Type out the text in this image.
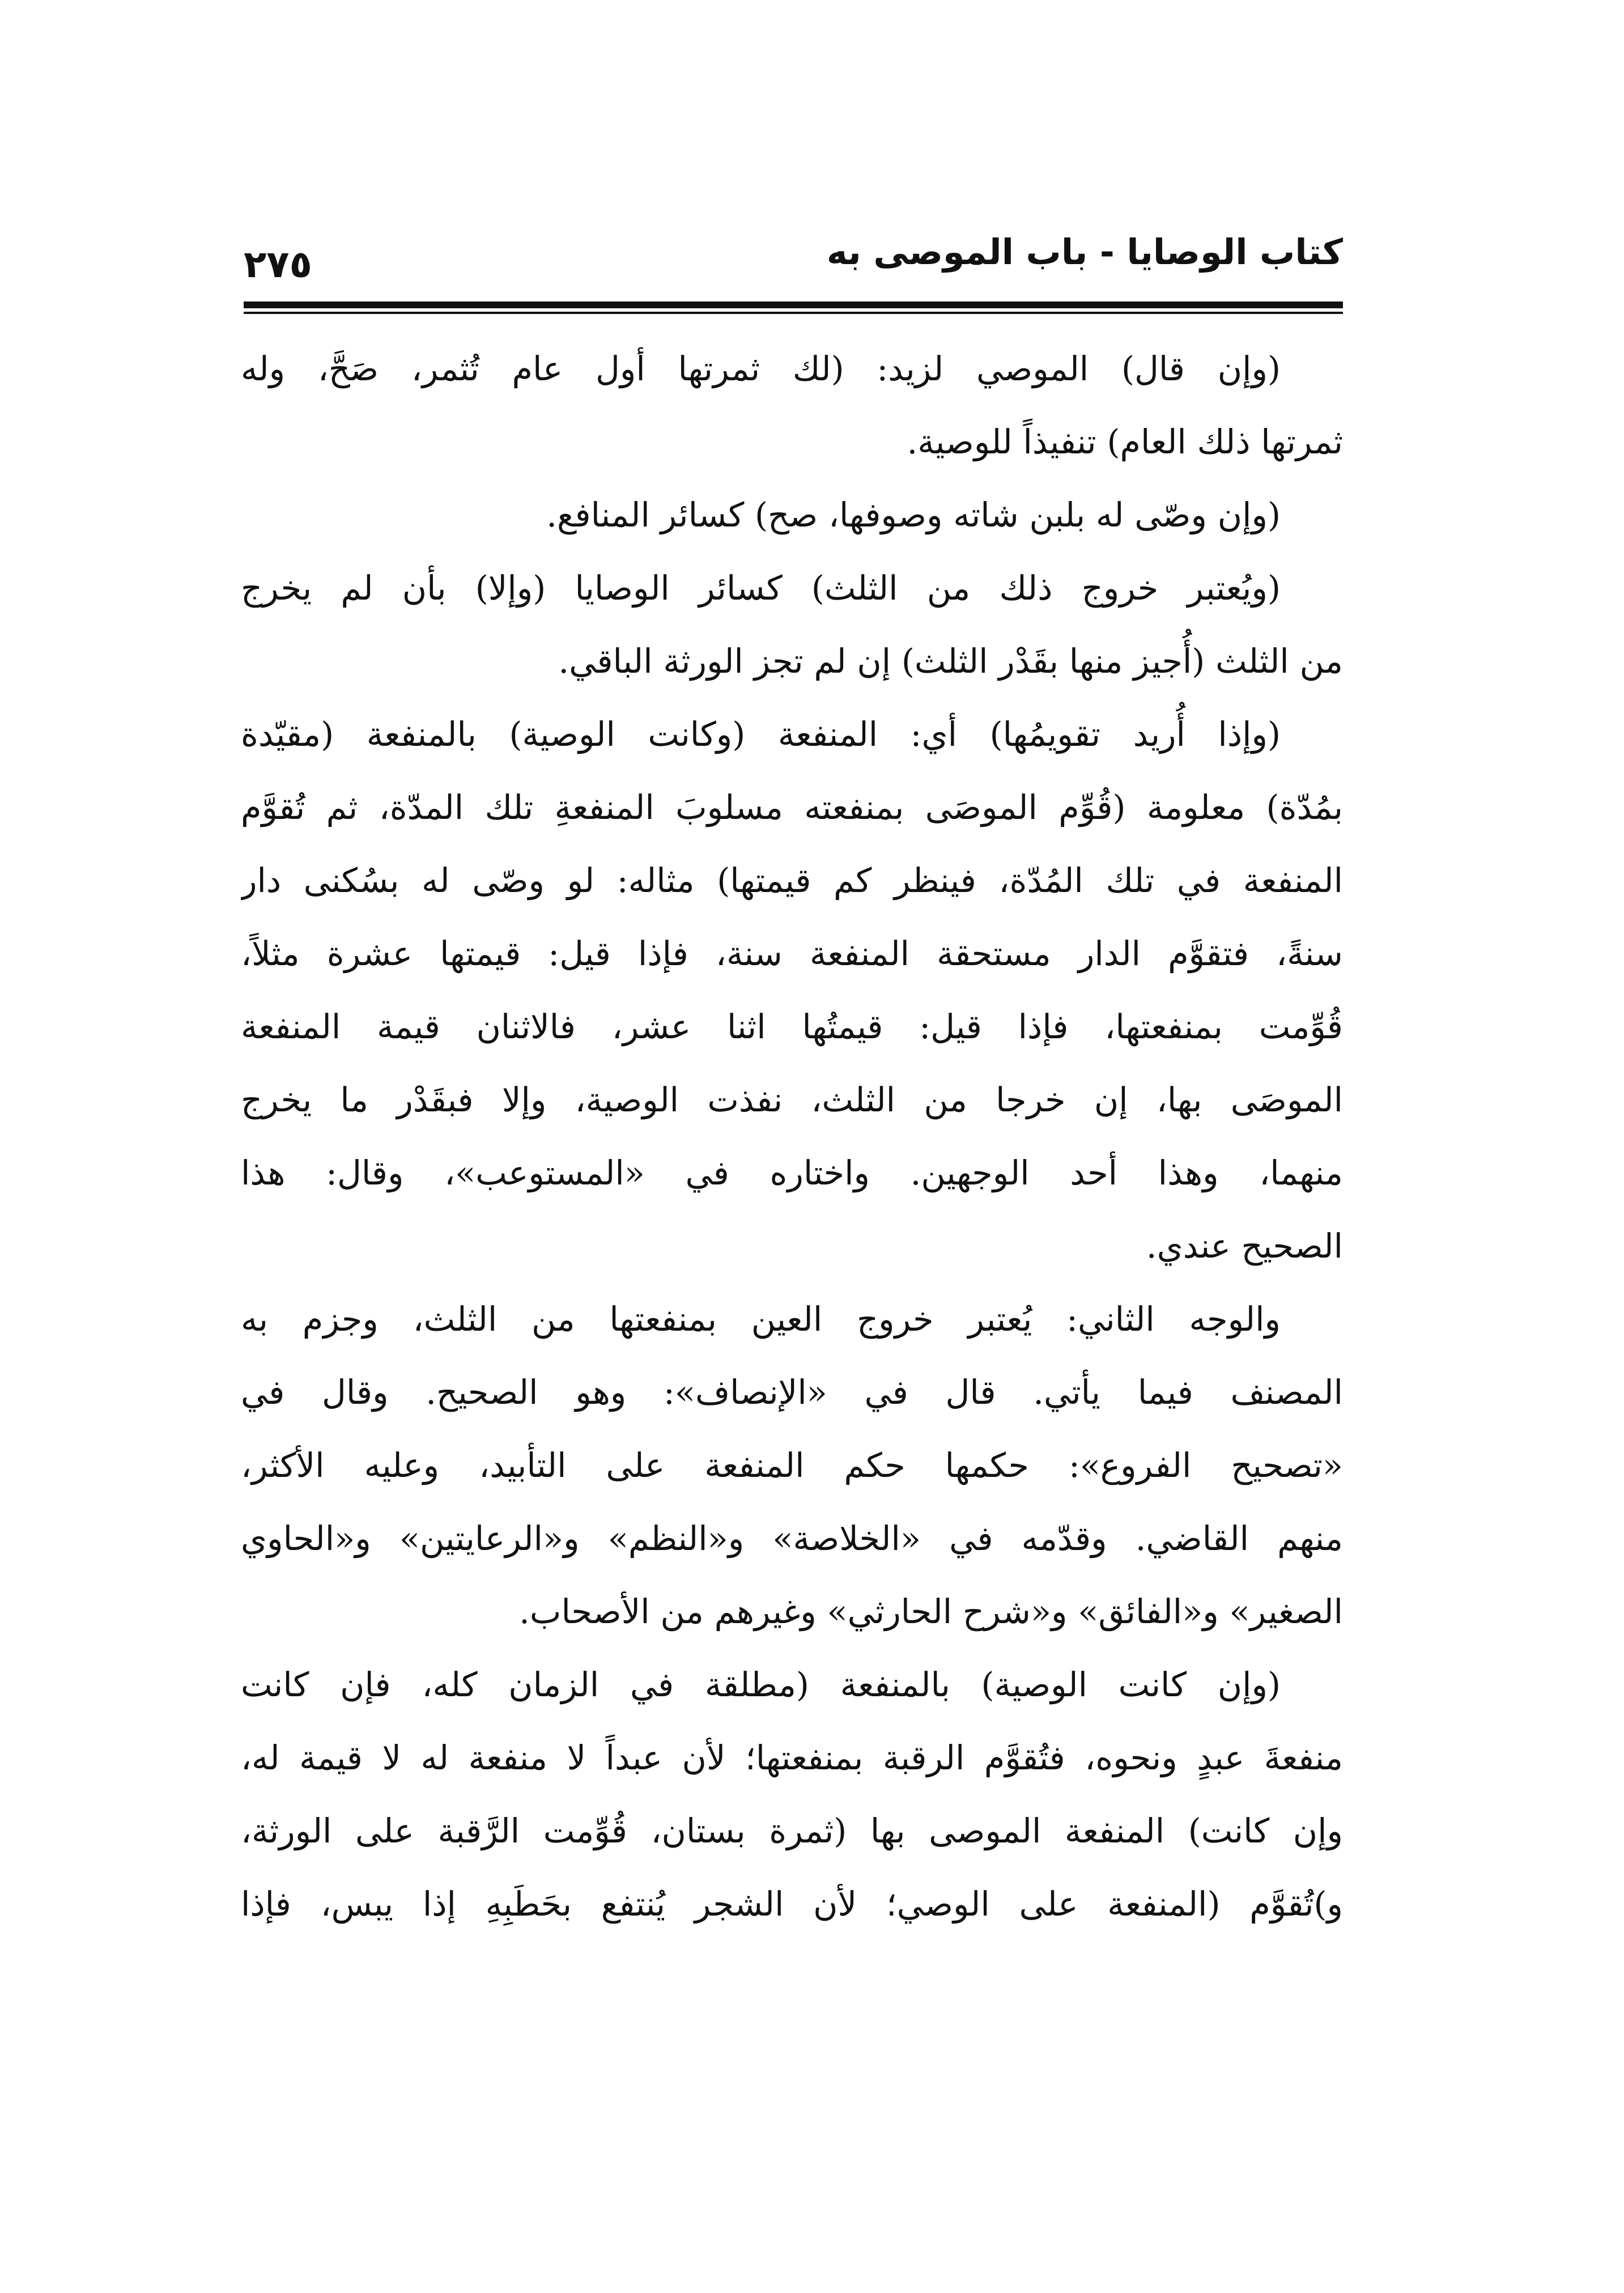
كتاب الوصايا - باب الموصى به
٢٧٥
(وإن قال) الموصي لزيد: (لك ثمرتها أول عام تُثمر، صَحَّ، وله
ثمرتها ذلك العام) تنفيذاً للوصية.
(وإن وصّى له بلبن شاته وصوفها، صح) كسائر المنافع.
(ويُعتبر خروج ذلك من الثلث) كسائر الوصايا (وإلا) بأن لم يخرج
من الثلث (أُجيز منها بقَدْر الثلث) إن لم تجز الورثة الباقي.
(وإذا أُريد تقويمُها) أي: المنفعة (وكانت الوصية) بالمنفعة (مقيّدة
بمُدّة) معلومة (قُوِّم الموصَى بمنفعته مسلوبَ المنفعةِ تلك المدّة، ثم تُقوَّم
المنفعة في تلك المُدّة، فينظر كم قيمتها) مثاله: لو وصّى له بسُكنى دار
سنةً، فتقوَّم الدار مستحقة المنفعة سنة، فإذا قيل: قيمتها عشرة مثلاً،
قُوِّمت بمنفعتها، فإذا قيل: قيمتُها اثنا عشر، فالاثنان قيمة المنفعة
الموصَى بها، إن خرجا من الثلث، نفذت الوصية، وإلا فبقَدْر ما يخرج
منهما، وهذا أحد الوجهين. واختاره في «المستوعب»، وقال: هذا
الصحيح عندي.
والوجه الثاني: يُعتبر خروج العين بمنفعتها من الثلث، وجزم به
المصنف فيما يأتي. قال في «الإنصاف»: وهو الصحيح. وقال في
«تصحيح الفروع»: حكمها حكم المنفعة على التأبيد، وعليه الأكثر،
منهم القاضي. وقدّمه في «الخلاصة» و«النظم» و«الرعايتين» و«الحاوي
الصغير» و«الفائق» و«شرح الحارثي» وغيرهم من الأصحاب.
(وإن كانت الوصية) بالمنفعة (مطلقة في الزمان كله، فإن كانت
منفعةَ عبدٍ ونحوه، فتُقوَّم الرقبة بمنفعتها؛ لأن عبداً لا منفعة له لا قيمة له،
وإن كانت) المنفعة الموصى بها (ثمرة بستان، قُوِّمت الرَّقبة على الورثة،
و)تُقوَّم (المنفعة على الوصي؛ لأن الشجر يُنتفع بحَطَبِهِ إذا يبس، فإذا
